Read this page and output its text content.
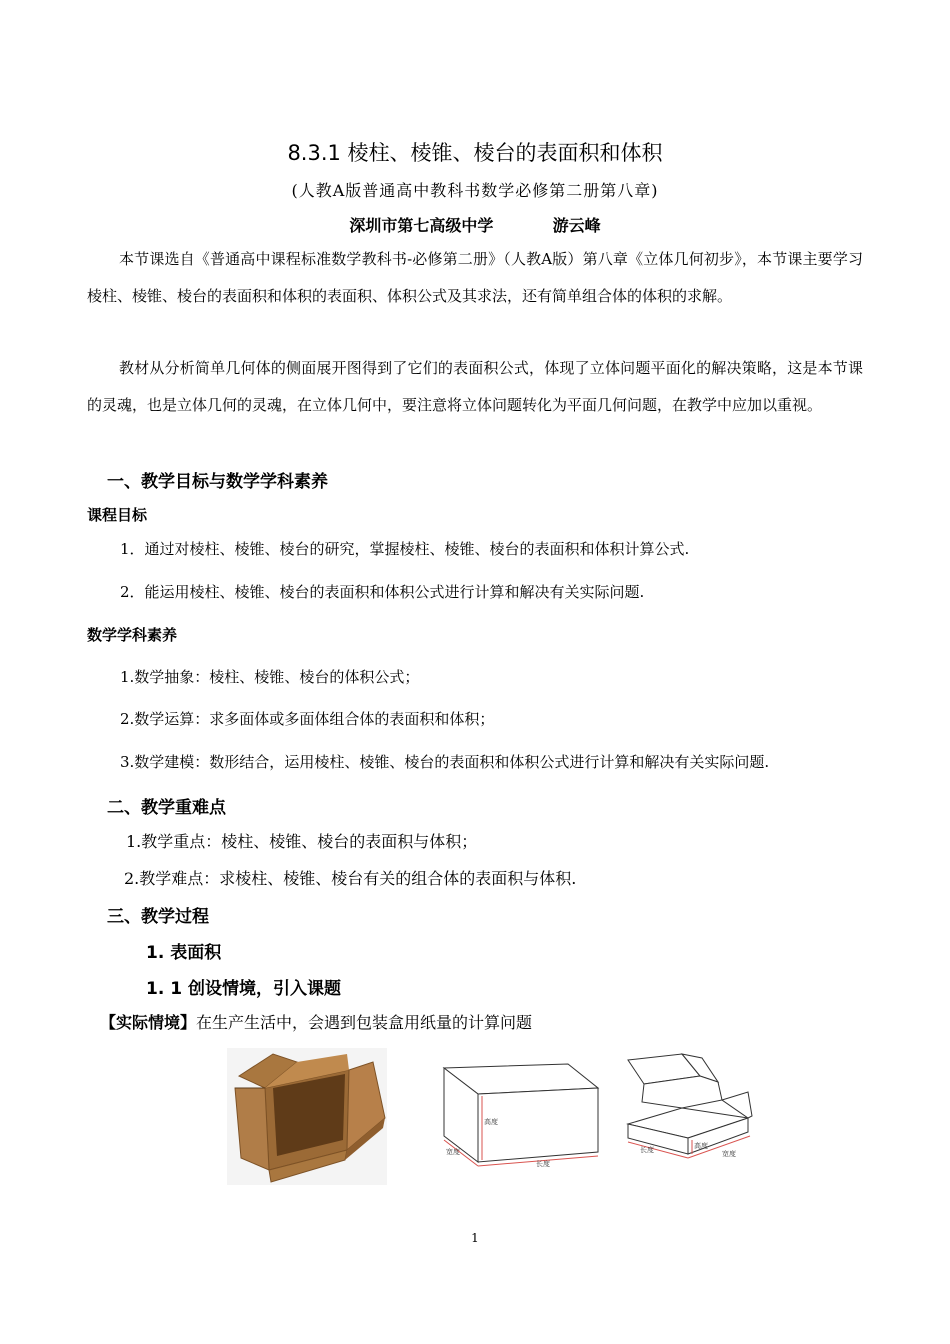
8.3.1 棱柱、棱锥、棱台的表面积和体积
(人教A版普通高中教科书数学必修第二册第八章)
深圳市第七高级中学	游云峰
本节课选自《普通高中课程标准数学教科书-必修第二册》（人教A版）第八章《立体几何初步》，本节课主要学习棱柱、棱锥、棱台的表面积和体积的表面积、体积公式及其求法，还有简单组合体的体积的求解。
教材从分析简单几何体的侧面展开图得到了它们的表面积公式，体现了立体问题平面化的解决策略，这是本节课的灵魂，也是立体几何的灵魂，在立体几何中，要注意将立体问题转化为平面几何问题，在教学中应加以重视。
一、教学目标与数学学科素养
课程目标
1．通过对棱柱、棱锥、棱台的研究，掌握棱柱、棱锥、棱台的表面积和体积计算公式.
2．能运用棱柱、棱锥、棱台的表面积和体积公式进行计算和解决有关实际问题.
数学学科素养
1.数学抽象：棱柱、棱锥、棱台的体积公式；
2.数学运算：求多面体或多面体组合体的表面积和体积；
3.数学建模：数形结合，运用棱柱、棱锥、棱台的表面积和体积公式进行计算和解决有关实际问题.
二、教学重难点
1.教学重点：棱柱、棱锥、棱台的表面积与体积；
2.教学难点：求棱柱、棱锥、棱台有关的组合体的表面积与体积.
三、教学过程
1. 表面积
1. 1 创设情境，引入课题
【实际情境】在生产生活中，会遇到包装盒用纸量的计算问题
高度
宽度
长度
高度
长度	宽度
1
